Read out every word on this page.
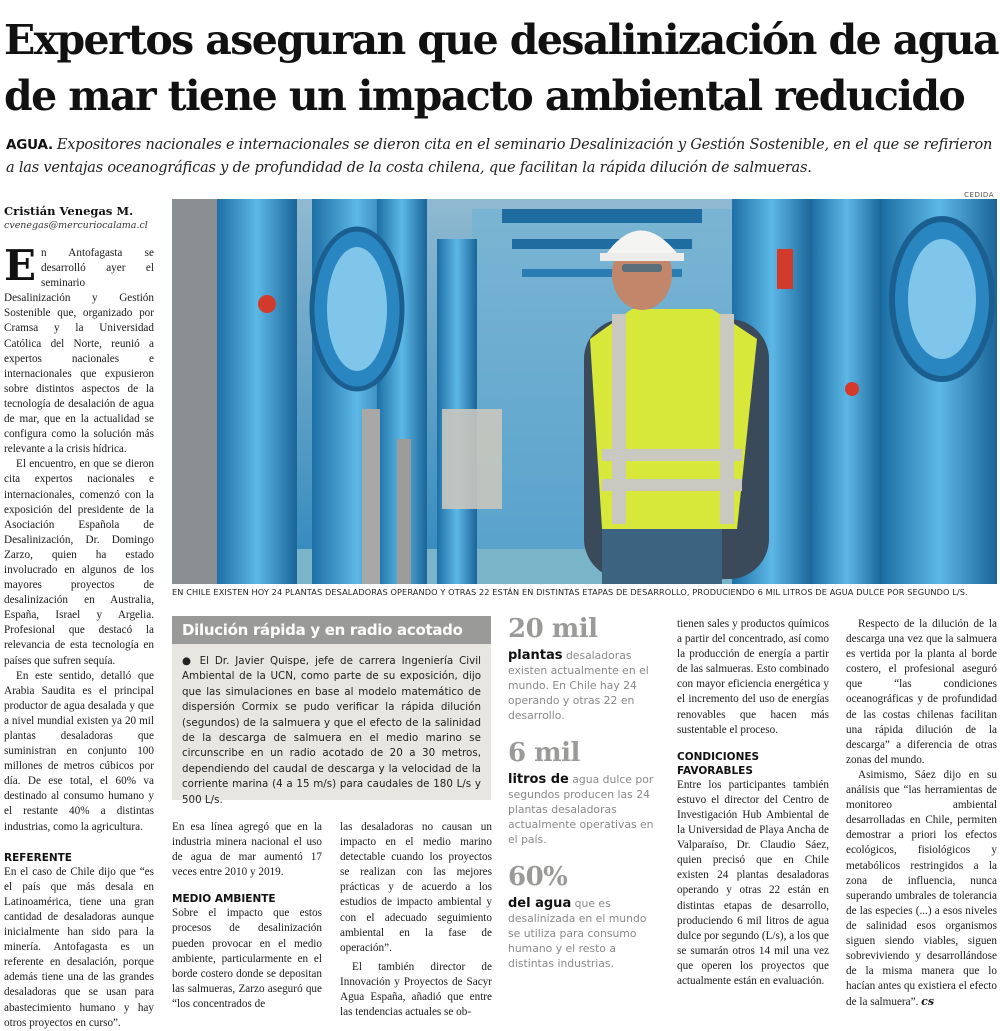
Expertos aseguran que desalinización de agua de mar tiene un impacto ambiental reducido
AGUA. Expositores nacionales e internacionales se dieron cita en el seminario Desalinización y Gestión Sostenible, en el que se refirieron a las ventajas oceanográficas y de profundidad de la costa chilena, que facilitan la rápida dilución de salmueras.
CEDIDA
Cristián Venegas M.
cvenegas@mercuriocalama.cl

En Antofagasta se desarrolló ayer el seminario Desalinización y Gestión Sostenible que, organizado por Cramsa y la Universidad Católica del Norte, reunió a expertos nacionales e internacionales que expusieron sobre distintos aspectos de la tecnología de desalación de agua de mar, que en la actualidad se configura como la solución más relevante a la crisis hídrica.

El encuentro, en que se dieron cita expertos nacionales e internacionales, comenzó con la exposición del presidente de la Asociación Española de Desalinización, Dr. Domingo Zarzo, quien ha estado involucrado en algunos de los mayores proyectos de desalinización en Australia, España, Israel y Argelia. Profesional que destacó la relevancia de esta tecnología en países que sufren sequía.

En este sentido, detalló que Arabia Saudita es el principal productor de agua desalada y que a nivel mundial existen ya 20 mil plantas desaladoras que suministran en conjunto 100 millones de metros cúbicos por día. De ese total, el 60% va destinado al consumo humano y el restante 40% a distintas industrias, como la agricultura.

REFERENTE

En el caso de Chile dijo que “es el país que más desala en Latinoamérica, tiene una gran cantidad de desaladoras aunque inicialmente han sido para la minería. Antofagasta es un referente en desalación, porque además tiene una de las grandes desaladoras que se usan para abastecimiento humano y hay otros proyectos en curso”.

EN CHILE EXISTEN HOY 24 PLANTAS DESALADORAS OPERANDO Y OTRAS 22 ESTÁN EN DISTINTAS ETAPAS DE DESARROLLO, PRODUCIENDO 6 MIL LITROS DE AGUA DULCE POR SEGUNDO L/S.
Dilución rápida y en radio acotado
● El Dr. Javier Quispe, jefe de carrera Ingeniería Civil Ambiental de la UCN, como parte de su exposición, dijo que las simulaciones en base al modelo matemático de dispersión Cormix se pudo verificar la rápida dilución (segundos) de la salmuera y que el efecto de la salinidad de la descarga de salmuera en el medio marino se circunscribe en un radio acotado de 20 a 30 metros, dependiendo del caudal de descarga y la velocidad de la corriente marina (4 a 15 m/s) para caudales de 180 L/s y 500 L/s.

En esa línea agregó que en la industria minera nacional el uso de agua de mar aumentó 17 veces entre 2010 y 2019.

MEDIO AMBIENTE

Sobre el impacto que estos procesos de desalinización pueden provocar en el medio ambiente, particularmente en el borde costero donde se depositan las salmueras, Zarzo aseguró que “los concentrados de

las desaladoras no causan un impacto en el medio marino detectable cuando los proyectos se realizan con las mejores prácticas y de acuerdo a los estudios de impacto ambiental y con el adecuado seguimiento ambiental en la fase de operación”.

El también director de Innovación y Proyectos de Sacyr Agua España, añadió que entre las tendencias actuales se ob-

20 mil
plantas desaladoras existen actualmente en el mundo. En Chile hay 24 operando y otras 22 en desarrollo.
6 mil
litros de agua dulce por segundos producen las 24 plantas desaladoras actualmente operativas en el país.
60%
del agua que es desalinizada en el mundo se utiliza para consumo humano y el resto a distintas industrias.

tienen sales y productos químicos a partir del concentrado, así como la producción de energía a partir de las salmueras. Esto combinado con mayor eficiencia energética y el incremento del uso de energías renovables que hacen más sustentable el proceso.

CONDICIONES FAVORABLES

Entre los participantes también estuvo el director del Centro de Investigación Hub Ambiental de la Universidad de Playa Ancha de Valparaíso, Dr. Claudio Sáez, quien precisó que en Chile existen 24 plantas desaladoras operando y otras 22 están en distintas etapas de desarrollo, produciendo 6 mil litros de agua dulce por segundo (L/s), a los que se sumarán otros 14 mil una vez que operen los proyectos que actualmente están en evaluación.

Respecto de la dilución de la descarga una vez que la salmuera es vertida por la planta al borde costero, el profesional aseguró que “las condiciones oceanográficas y de profundidad de las costas chilenas facilitan una rápida dilución de la descarga” a diferencia de otras zonas del mundo.

Asimismo, Sáez dijo en su análisis que “las herramientas de monitoreo ambiental desarrolladas en Chile, permiten demostrar a priori los efectos ecológicos, fisiológicos y metabólicos restringidos a la zona de influencia, nunca superando umbrales de tolerancia de las especies (...) a esos niveles de salinidad esos organismos siguen siendo viables, siguen sobreviviendo y desarrollándose de la misma manera que lo hacían antes qu existiera el efecto de la salmuera”. cs
